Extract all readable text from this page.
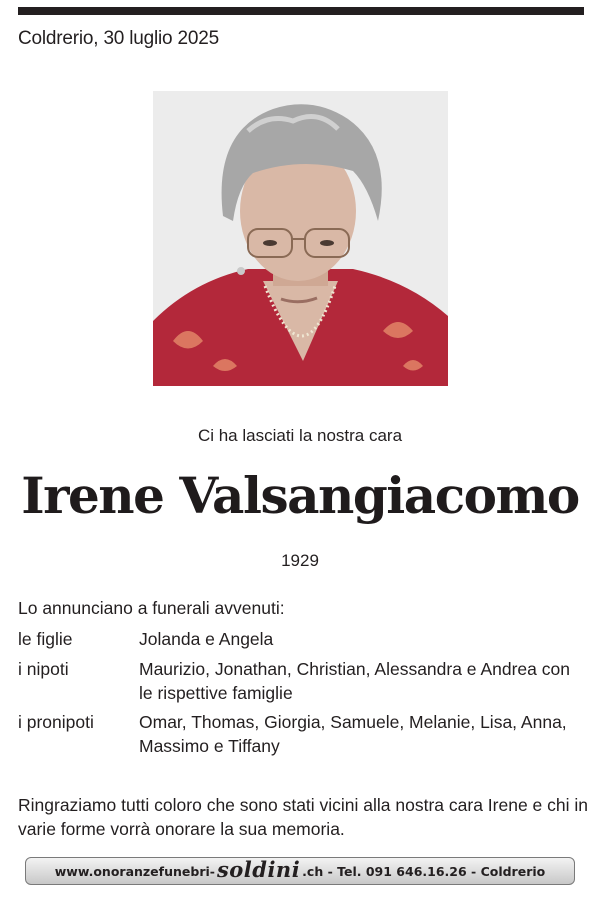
Coldrerio, 30 luglio 2025
Ci ha lasciati la nostra cara
Irene Valsangiacomo
1929
Lo annunciano a funerali avvenuti:
le figlie	Jolanda e Angela
i nipoti	Maurizio, Jonathan, Christian, Alessandra e Andrea con le rispettive famiglie
i pronipoti	Omar, Thomas, Giorgia, Samuele, Melanie, Lisa, Anna, Massimo e Tiffany
Ringraziamo tutti coloro che sono stati vicini alla nostra cara Irene e chi in varie forme vorrà onorare la sua memoria.
www.onoranzefunebri- soldini .ch - Tel. 091 646.16.26 - Coldrerio
